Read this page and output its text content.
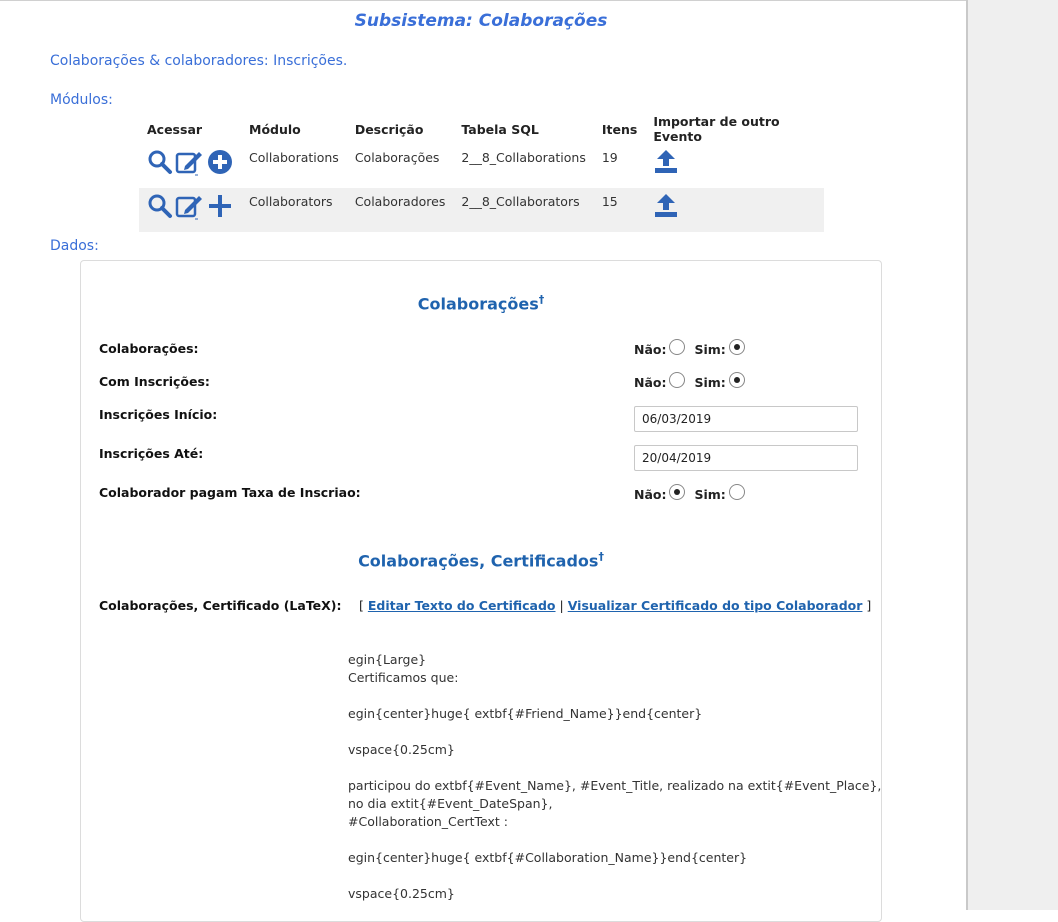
Subsistema: Colaborações
Colaborações & colaboradores: Inscrições.
Módulos:
Acessar	Módulo	Descrição	Tabela SQL	Itens	Importar de outro Evento

	Collaborations	Colaborações	2__8_Collaborations	19	

	Collaborators	Colaboradores	2__8_Collaborators	15	
Dados:
Colaborações†
Colaborações:	Não: Sim:
Com Inscrições:	Não: Sim:
Inscrições Início:	06/03/2019
Inscrições Até:	20/04/2019
Colaborador pagam Taxa de Inscriao:	Não: Sim:
Colaborações, Certificados†
Colaborações, Certificado (LaTeX): [ Editar Texto do Certificado | Visualizar Certificado do tipo Colaborador ]
egin{Large}
Certificamos que:

egin{center}huge{ extbf{#Friend_Name}}end{center}

vspace{0.25cm}

participou do extbf{#Event_Name}, #Event_Title, realizado na extit{#Event_Place},
no dia extit{#Event_DateSpan},
#Collaboration_CertText :

egin{center}huge{ extbf{#Collaboration_Name}}end{center}

vspace{0.25cm}
